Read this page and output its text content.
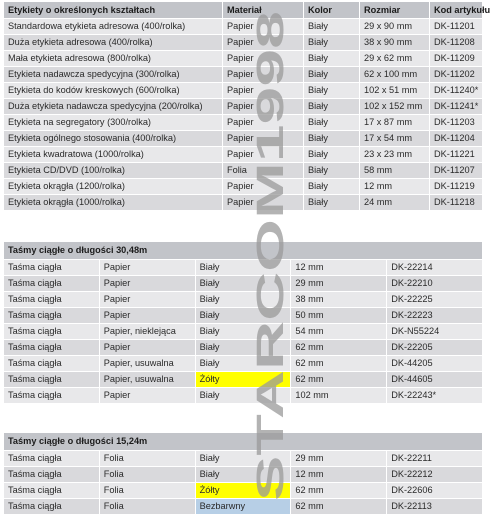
Etykiety o określonych kształtach	Materiał	Kolor	Rozmiar	Kod artykułu
Standardowa etykieta adresowa (400/rolka)	Papier	Biały	29 x 90 mm	DK-11201
Duża etykieta adresowa (400/rolka)	Papier	Biały	38 x 90 mm	DK-11208
Mała etykieta adresowa (800/rolka)	Papier	Biały	29 x 62 mm	DK-11209
Etykieta nadawcza spedycyjna (300/rolka)	Papier	Biały	62 x 100 mm	DK-11202
Etykieta do kodów kreskowych (600/rolka)	Papier	Biały	102 x 51 mm	DK-11240*
Duża etykieta nadawcza spedycyjna (200/rolka)	Papier	Biały	102 x 152 mm	DK-11241*
Etykieta na segregatory (300/rolka)	Papier	Biały	17 x 87 mm	DK-11203
Etykieta ogólnego stosowania (400/rolka)	Papier	Biały	17 x 54 mm	DK-11204
Etykieta kwadratowa (1000/rolka)	Papier	Biały	23 x 23 mm	DK-11221
Etykieta CD/DVD (100/rolka)	Folia	Biały	58 mm	DK-11207
Etykieta okrągła (1200/rolka)	Papier	Biały	12 mm	DK-11219
Etykieta okrągła (1000/rolka)	Papier	Biały	24 mm	DK-11218
Taśmy ciągłe o długości 30,48m				
Taśma ciągła	Papier	Biały	12 mm	DK-22214
Taśma ciągła	Papier	Biały	29 mm	DK-22210
Taśma ciągła	Papier	Biały	38 mm	DK-22225
Taśma ciągła	Papier	Biały	50 mm	DK-22223
Taśma ciągła	Papier, nieklejąca	Biały	54 mm	DK-N55224
Taśma ciągła	Papier	Biały	62 mm	DK-22205
Taśma ciągła	Papier, usuwalna	Biały	62 mm	DK-44205
Taśma ciągła	Papier, usuwalna	Żółty	62 mm	DK-44605
Taśma ciągła	Papier	Biały	102 mm	DK-22243*
Taśmy ciągłe o długości 15,24m				
Taśma ciągła	Folia	Biały	29 mm	DK-22211
Taśma ciągła	Folia	Biały	12 mm	DK-22212
Taśma ciągła	Folia	Żółty	62 mm	DK-22606
Taśma ciągła	Folia	Bezbarwny	62 mm	DK-22113
STARCOM1998
